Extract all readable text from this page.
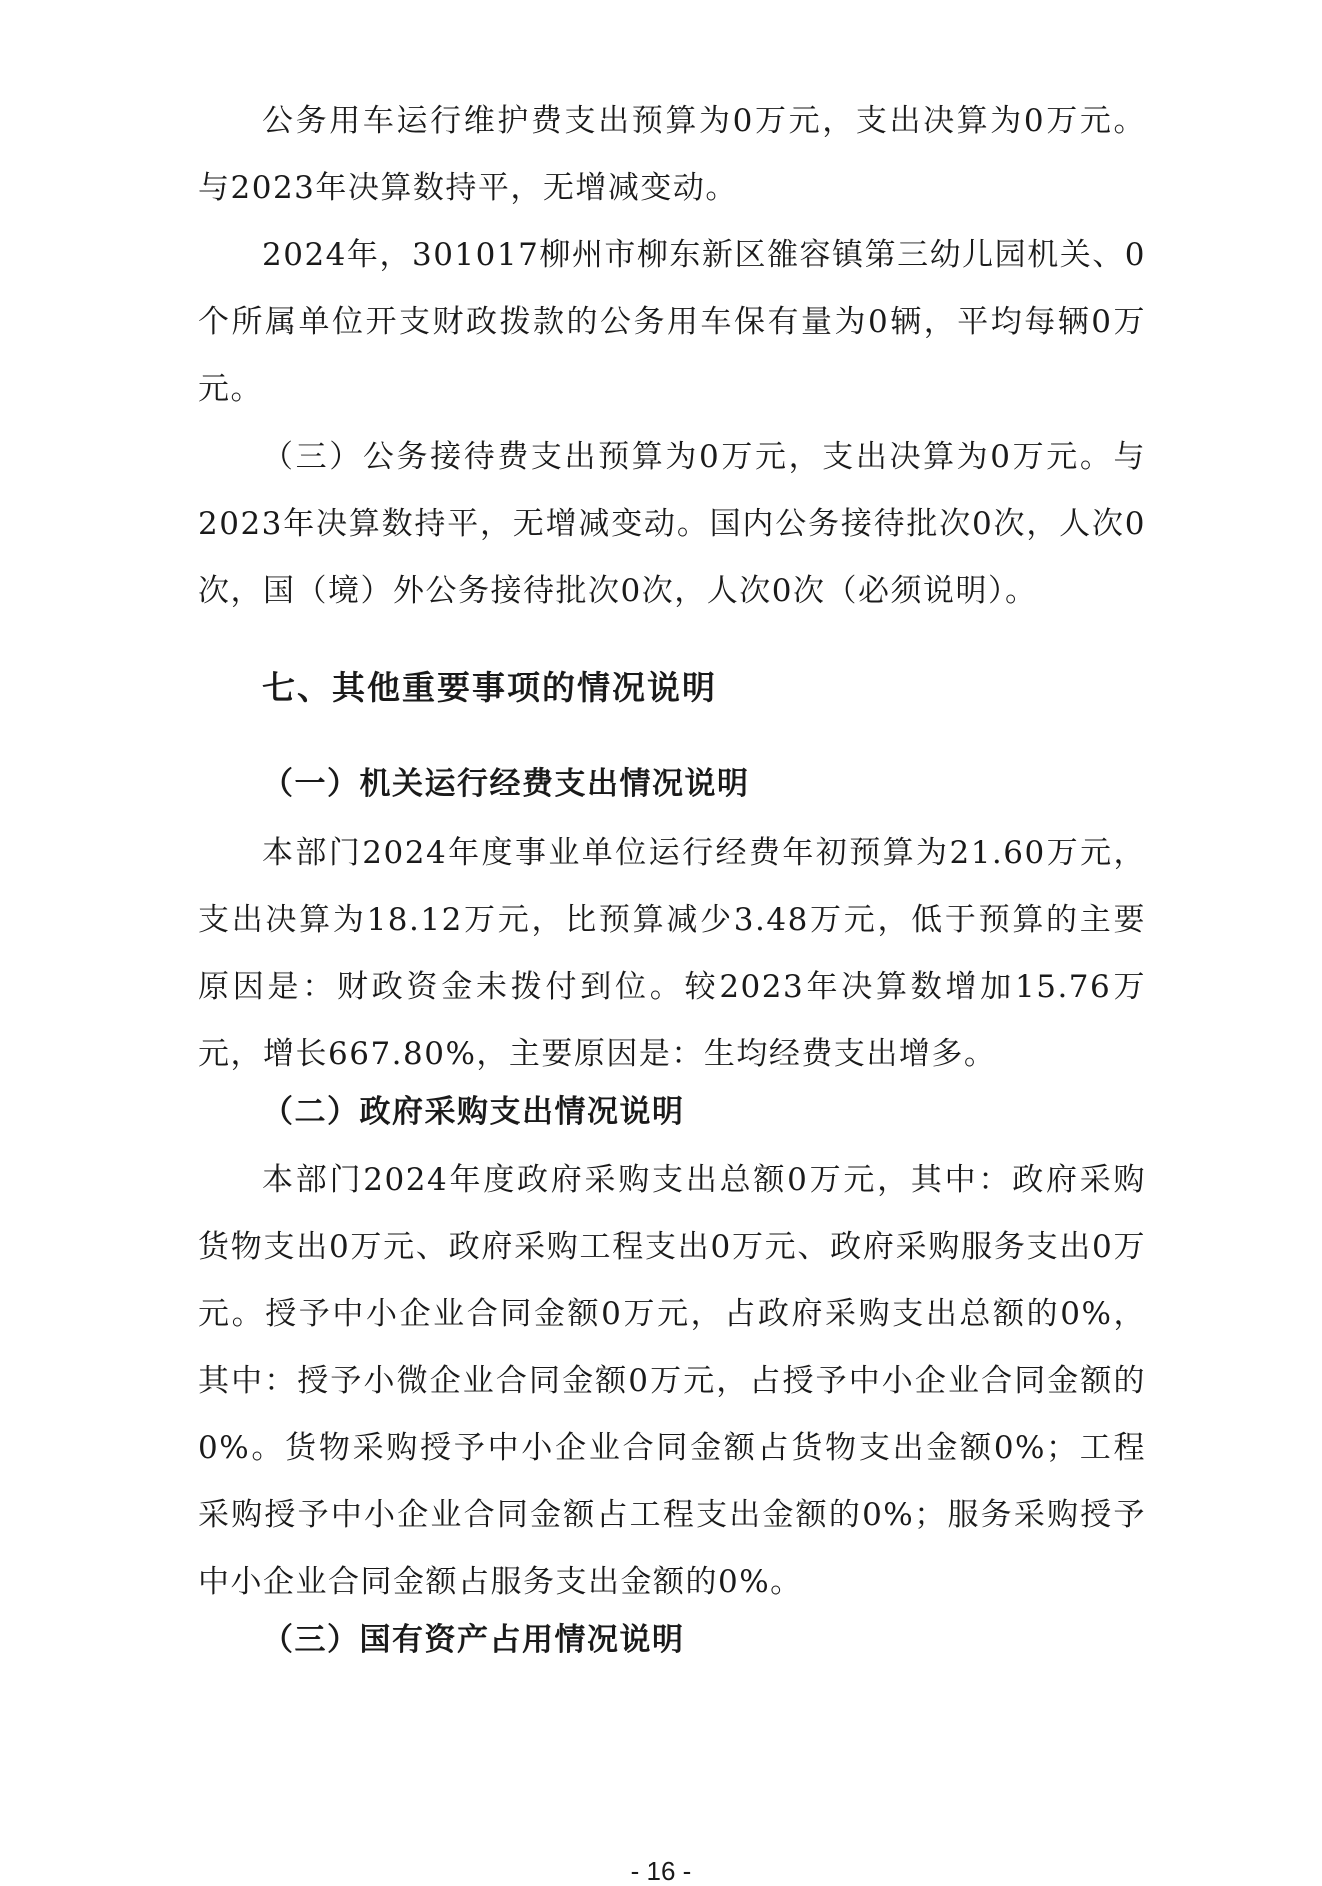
公务用车运行维护费支出预算为0万元，支出决算为0万元。与2023年决算数持平，无增减变动。

2024年，301017柳州市柳东新区雒容镇第三幼儿园机关、0个所属单位开支财政拨款的公务用车保有量为0辆，平均每辆0万元。

（三）公务接待费支出预算为0万元，支出决算为0万元。与2023年决算数持平，无增减变动。国内公务接待批次0次，人次0次，国（境）外公务接待批次0次，人次0次（必须说明）。

七、其他重要事项的情况说明
（一）机关运行经费支出情况说明

本部门2024年度事业单位运行经费年初预算为21.60万元，支出决算为18.12万元，比预算减少3.48万元，低于预算的主要原因是：财政资金未拨付到位。较2023年决算数增加15.76万元，增长667.80%，主要原因是：生均经费支出增多。

（二）政府采购支出情况说明

本部门2024年度政府采购支出总额0万元，其中：政府采购货物支出0万元、政府采购工程支出0万元、政府采购服务支出0万元。授予中小企业合同金额0万元，占政府采购支出总额的0%，其中：授予小微企业合同金额0万元，占授予中小企业合同金额的0%。货物采购授予中小企业合同金额占货物支出金额0%；工程采购授予中小企业合同金额占工程支出金额的0%；服务采购授予中小企业合同金额占服务支出金额的0%。

（三）国有资产占用情况说明
- 16 -
